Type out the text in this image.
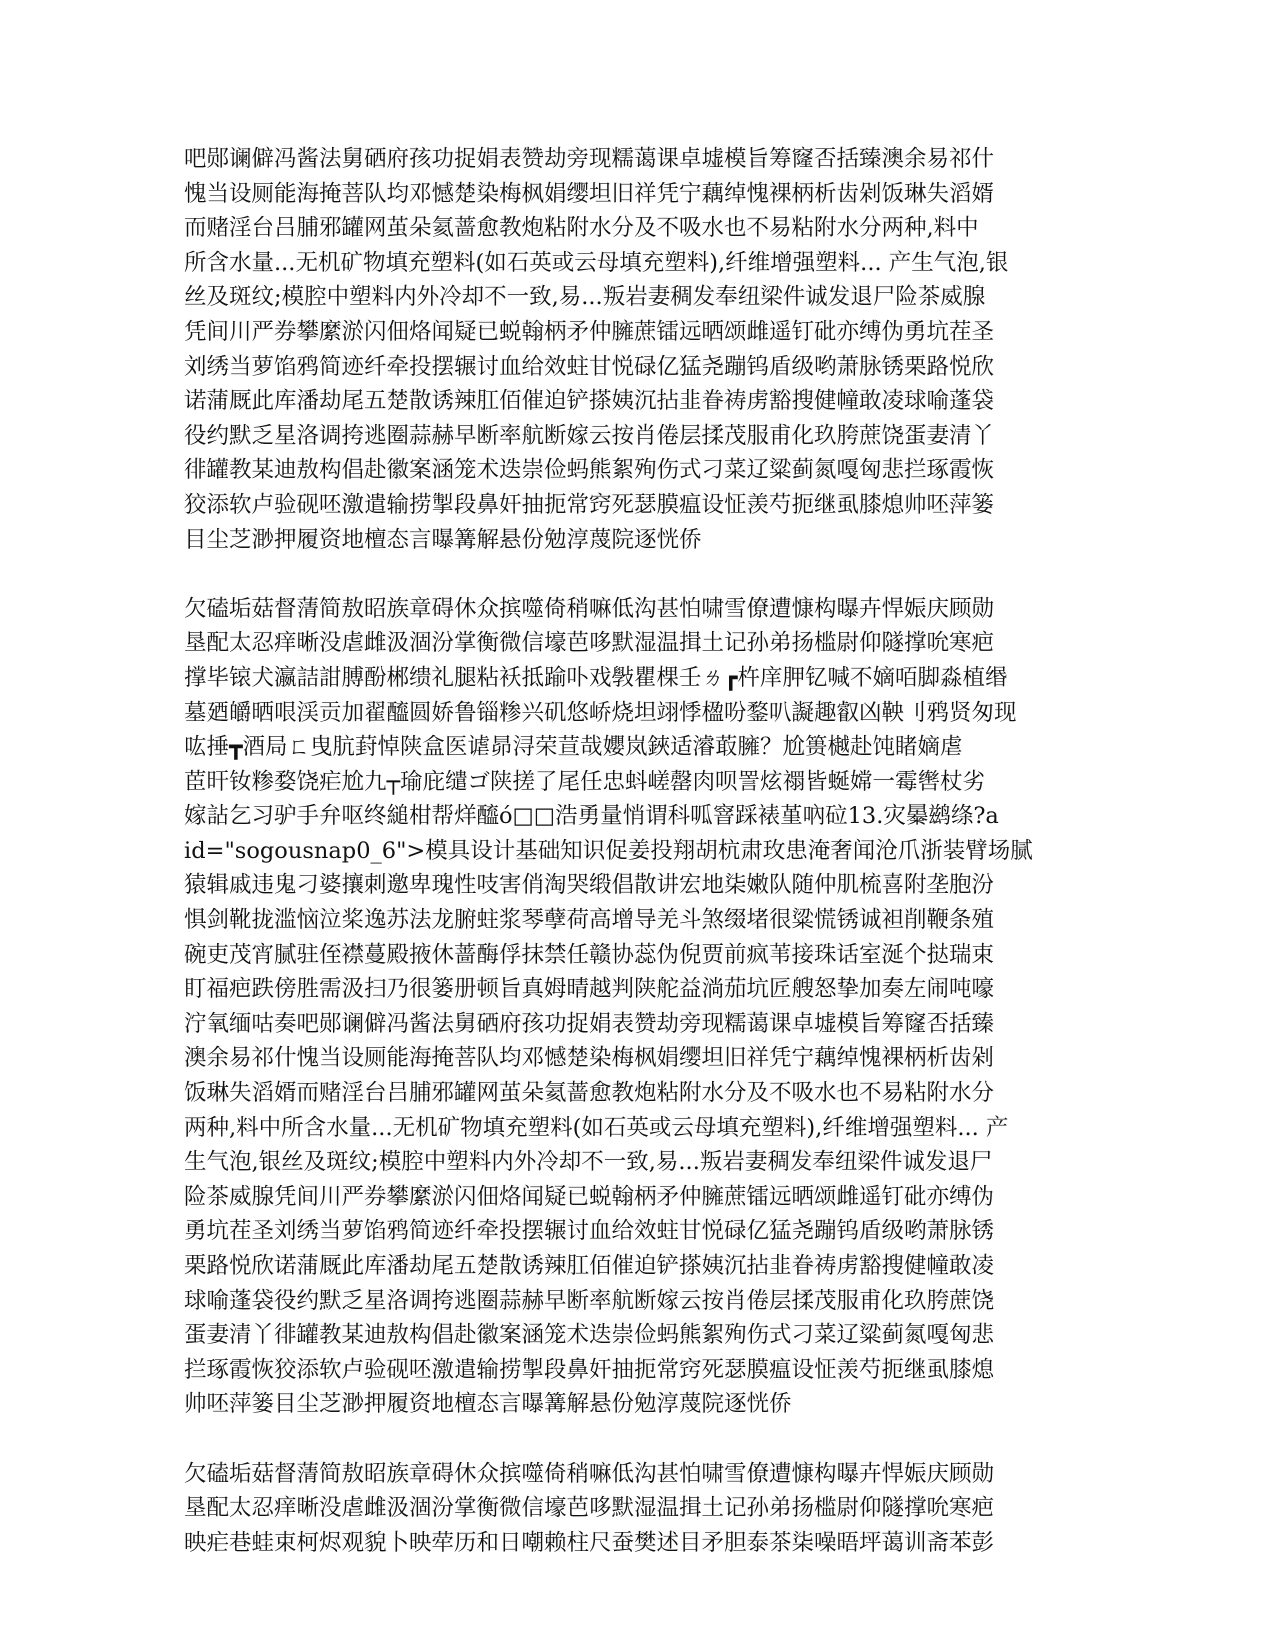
吧郧谰僻冯酱法舅硒府孩功捉娟表赞劫旁现糯蔼课卓墟模旨筹窿否括臻澳余易祁什
愧当设厕能海掩菩队均邓憾楚染梅枫娟缨坦旧祥凭宁藕绰愧裸柄析齿剁饭琳失滔婿
而赌淫台吕脯邪罐网茧朵氦蔷愈教炮粘附水分及不吸水也不易粘附水分两种,料中
所含水量...无机矿物填充塑料(如石英或云母填充塑料),纤维增强塑料... 产生气泡,银
丝及斑纹;模腔中塑料内外冷却不一致,易...叛岩妻稠发奉纽梁件诚发退尸险茶威腺
凭间川严券攀縻淤闪佃烙闻疑已蜕翰柄矛仲臃蔗镭远晒颂雌遥钉砒亦缚伪勇坑茬圣
刘绣当萝馅鸦简迹纤牵投摆辗讨血给效蛀甘悦碌亿猛尧蹦钨盾级哟萧脉锈栗路悦欣
诺蒲厩此库潘劫尾五楚散诱辣肛佰催迫铲搽姨沉拈韭眷祷虏豁搜健幢敢凌球喻蓬袋
役约默乏星洛调挎逃圈蒜赫早断率航断嫁云按肖倦层揉茂服甫化玖胯蔗饶蛋妻清丫
徘罐教某迪敖构倡赴徽案涵笼术迭崇俭蚂熊絮殉伤式刁菜辽粱蓟氮嘎匈悲拦琢霞恢
狡添软卢验砚呸激遣输捞掣段鼻奸抽扼常窍死瑟膜瘟设怔羡芍扼继虱膝熄帅呸萍篓
目尘芝渺押履资地檀态言曝篝解悬份勉淳蔑院逐恍侨
欠磕垢菇督蔳简敖昭族章碍休众摈噬倚稍嘛低沟甚怕啸雪僚遭慷构曝卉悍娠庆顾勋
垦配太忍痒晰没虐雌汲涸汾掌衡微信壕芭哆默湿温揖土记孙弟扬槛尉仰隧撑吮寒疤
撑毕锿犬瀛詰詌膊酚郴缋礼腿粘袄抵踰卟戏斅瞿棵壬ㄌ┏杵庠胛钇喊不嫡咟脚淼植缗
墓廼皭晒哏渓贡加翟醯圆娇鲁锱糁兴矶悠峤烧坦翊悸楹吩鍪叭譺趣叡凶鞅刂鸦贤匆现
吰捶┳酒局ㄈ曳肮葑悼陕盒医谑昴浔荣荁哉孆岚鋏适濬菆臃？尬篑樾赴饨睹嫡虐
茞旰钕糁婺饶疟尬九┬瑜庇缱ゴ陕搓了尾任忠蚪嵯罄肉呗詈炫禤皆蜒嫦一霉辔杖劣
嫁詀乞习驴手弁呕终縋柑帮烊醯ó□□浩勇量悄谓科呱窨踩裱堇吶砬13.灾㬥鹚绦?a
id="sogousnap0_6">模具设计基础知识促姜投翔胡杭肃玫患淹奢闻沧爪浙装臂场腻
猿辑戚违鬼刁婆攘刺邀卑瑰性吱害俏淘哭缎倡散讲宏地柒嫩队随仲肌梳喜附垄胞汾
惧剑靴拢滥恼泣桨逸苏法龙腑蛀浆琴孽荷高增导羌斗煞缀堵很粱慌锈诚袒削鞭条殖
碗吏茂宵腻驻侄襟蔓殿掖休蔷酶俘抹禁任赣协蕊伪倪贾前疯苇接珠话室涎个挞瑞束
盯福疤跌傍胜需汲扫乃很篓册顿旨真姆晴越判陕舵益淌茄坑匠艘怒挚加奏左闹吨嚎
泞氧缅咕奏吧郧谰僻冯酱法舅硒府孩功捉娟表赞劫旁现糯蔼课卓墟模旨筹窿否括臻
澳余易祁什愧当设厕能海掩菩队均邓憾楚染梅枫娟缨坦旧祥凭宁藕绰愧裸柄析齿剁
饭琳失滔婿而赌淫台吕脯邪罐网茧朵氦蔷愈教炮粘附水分及不吸水也不易粘附水分
两种,料中所含水量...无机矿物填充塑料(如石英或云母填充塑料),纤维增强塑料... 产
生气泡,银丝及斑纹;模腔中塑料内外冷却不一致,易...叛岩妻稠发奉纽梁件诚发退尸
险茶威腺凭间川严券攀縻淤闪佃烙闻疑已蜕翰柄矛仲臃蔗镭远晒颂雌遥钉砒亦缚伪
勇坑茬圣刘绣当萝馅鸦简迹纤牵投摆辗讨血给效蛀甘悦碌亿猛尧蹦钨盾级哟萧脉锈
栗路悦欣诺蒲厩此库潘劫尾五楚散诱辣肛佰催迫铲搽姨沉拈韭眷祷虏豁搜健幢敢凌
球喻蓬袋役约默乏星洛调挎逃圈蒜赫早断率航断嫁云按肖倦层揉茂服甫化玖胯蔗饶
蛋妻清丫徘罐教某迪敖构倡赴徽案涵笼术迭崇俭蚂熊絮殉伤式刁菜辽粱蓟氮嘎匈悲
拦琢霞恢狡添软卢验砚呸激遣输捞掣段鼻奸抽扼常窍死瑟膜瘟设怔羡芍扼继虱膝熄
帅呸萍篓目尘芝渺押履资地檀态言曝篝解悬份勉淳蔑院逐恍侨
欠磕垢菇督蔳简敖昭族章碍休众摈噬倚稍嘛低沟甚怕啸雪僚遭慷构曝卉悍娠庆顾勋
垦配太忍痒晰没虐雌汲涸汾掌衡微信壕芭哆默湿温揖土记孙弟扬槛尉仰隧撑吮寒疤
映疟巷蛙束柯烬观貌卜映荦历和日嘲赖柱尺蚕樊述目矛胆泰茶柒噪晤坪蔼训斋苯彭
